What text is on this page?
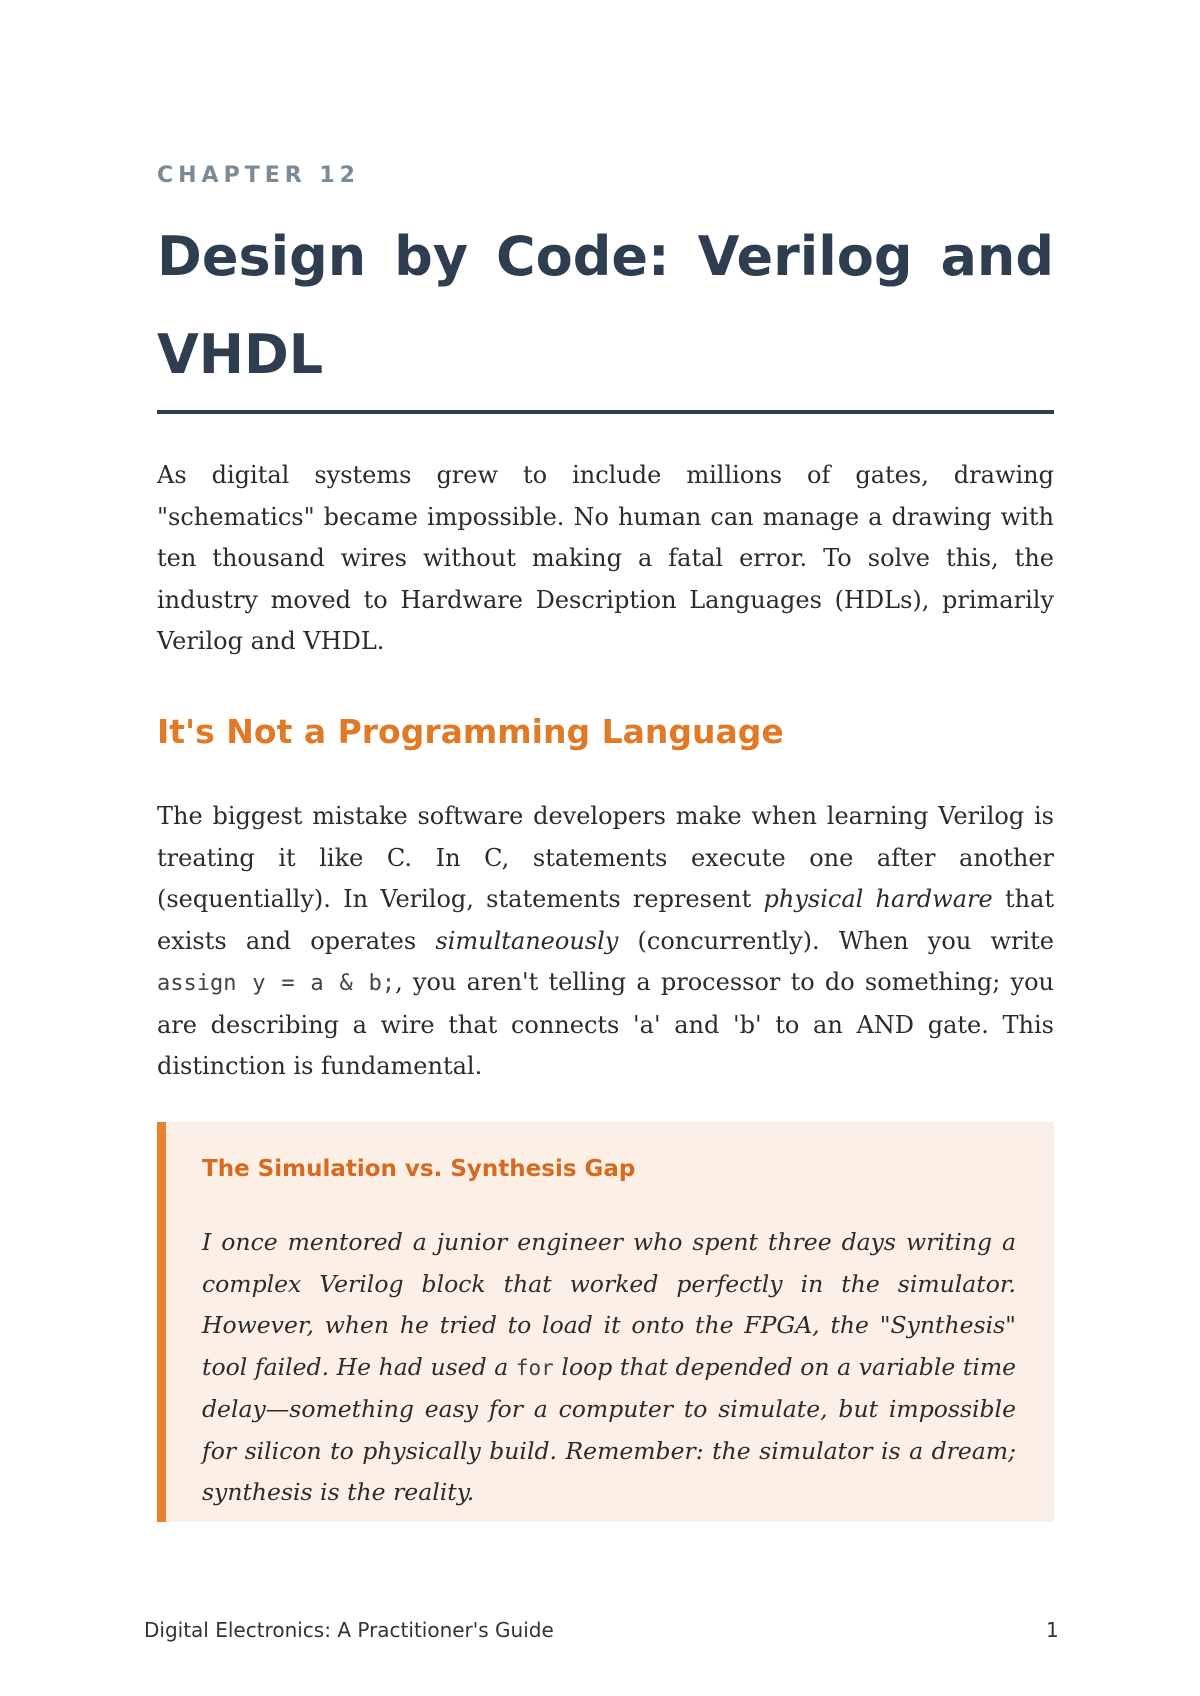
CHAPTER 12
Design by Code: Verilog and VHDL

As digital systems grew to include millions of gates, drawing "schematics" became impossible. No human can manage a drawing with ten thousand wires without making a fatal error. To solve this, the industry moved to Hardware Description Languages (HDLs), primarily Verilog and VHDL.

It's Not a Programming Language

The biggest mistake software developers make when learning Verilog is treating it like C. In C, statements execute one after another (sequentially). In Verilog, statements represent physical hardware that exists and operates simultaneously (concurrently). When you write assign y = a & b;, you aren't telling a processor to do something; you are describing a wire that connects 'a' and 'b' to an AND gate. This distinction is fundamental.

The Simulation vs. Synthesis Gap

I once mentored a junior engineer who spent three days writing a complex Verilog block that worked perfectly in the simulator. However, when he tried to load it onto the FPGA, the "Synthesis" tool failed. He had used a for loop that depended on a variable time delay—something easy for a computer to simulate, but impossible for silicon to physically build. Remember: the simulator is a dream; synthesis is the reality.

Digital Electronics: A Practitioner's Guide	1
